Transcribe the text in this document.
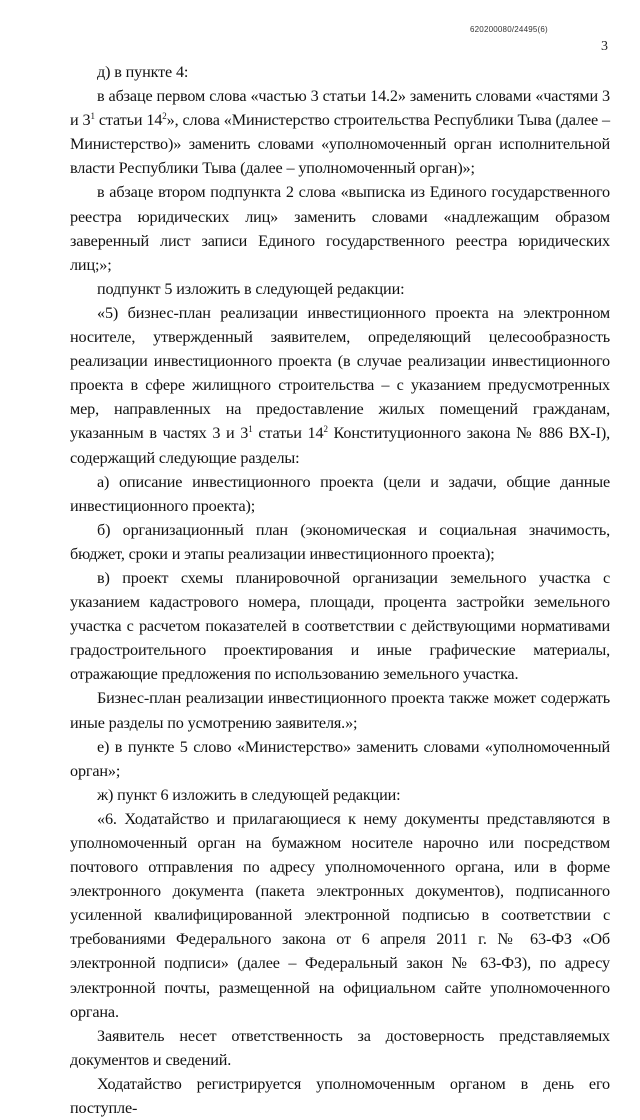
620200080/24495(6)
3

д) в пункте 4:

в абзаце первом слова «частью 3 статьи 14.2» заменить словами «частями 3 и $3^1$ статьи $14^2$», слова «Министерство строительства Республики Тыва (далее – Министерство)» заменить словами «уполномоченный орган исполнительной власти Республики Тыва (далее – уполномоченный орган)»;

в абзаце втором подпункта 2 слова «выписка из Единого государственного реестра юридических лиц» заменить словами «надлежащим образом заверенный лист записи Единого государственного реестра юридических лиц;»;

подпункт 5 изложить в следующей редакции:

«5) бизнес-план реализации инвестиционного проекта на электронном носителе, утвержденный заявителем, определяющий целесообразность реализации инвестиционного проекта (в случае реализации инвестиционного проекта в сфере жилищного строительства – с указанием предусмотренных мер, направленных на предоставление жилых помещений гражданам, указанным в частях 3 и $3^1$ статьи $14^2$ Конституционного закона № 886 ВХ-I), содержащий следующие разделы:

а) описание инвестиционного проекта (цели и задачи, общие данные инвестиционного проекта);

б) организационный план (экономическая и социальная значимость, бюджет, сроки и этапы реализации инвестиционного проекта);

в) проект схемы планировочной организации земельного участка с указанием кадастрового номера, площади, процента застройки земельного участка с расчетом показателей в соответствии с действующими нормативами градостроительного проектирования и иные графические материалы, отражающие предложения по использованию земельного участка.

Бизнес-план реализации инвестиционного проекта также может содержать иные разделы по усмотрению заявителя.»;

е) в пункте 5 слово «Министерство» заменить словами «уполномоченный орган»;

ж) пункт 6 изложить в следующей редакции:

«6. Ходатайство и прилагающиеся к нему документы представляются в уполномоченный орган на бумажном носителе нарочно или посредством почтового отправления по адресу уполномоченного органа, или в форме электронного документа (пакета электронных документов), подписанного усиленной квалифицированной электронной подписью в соответствии с требованиями Федерального закона от 6 апреля 2011 г. № 63-ФЗ «Об электронной подписи» (далее – Федеральный закон № 63-ФЗ), по адресу электронной почты, размещенной на официальном сайте уполномоченного органа.

Заявитель несет ответственность за достоверность представляемых документов и сведений.

Ходатайство регистрируется уполномоченным органом в день его поступле-
